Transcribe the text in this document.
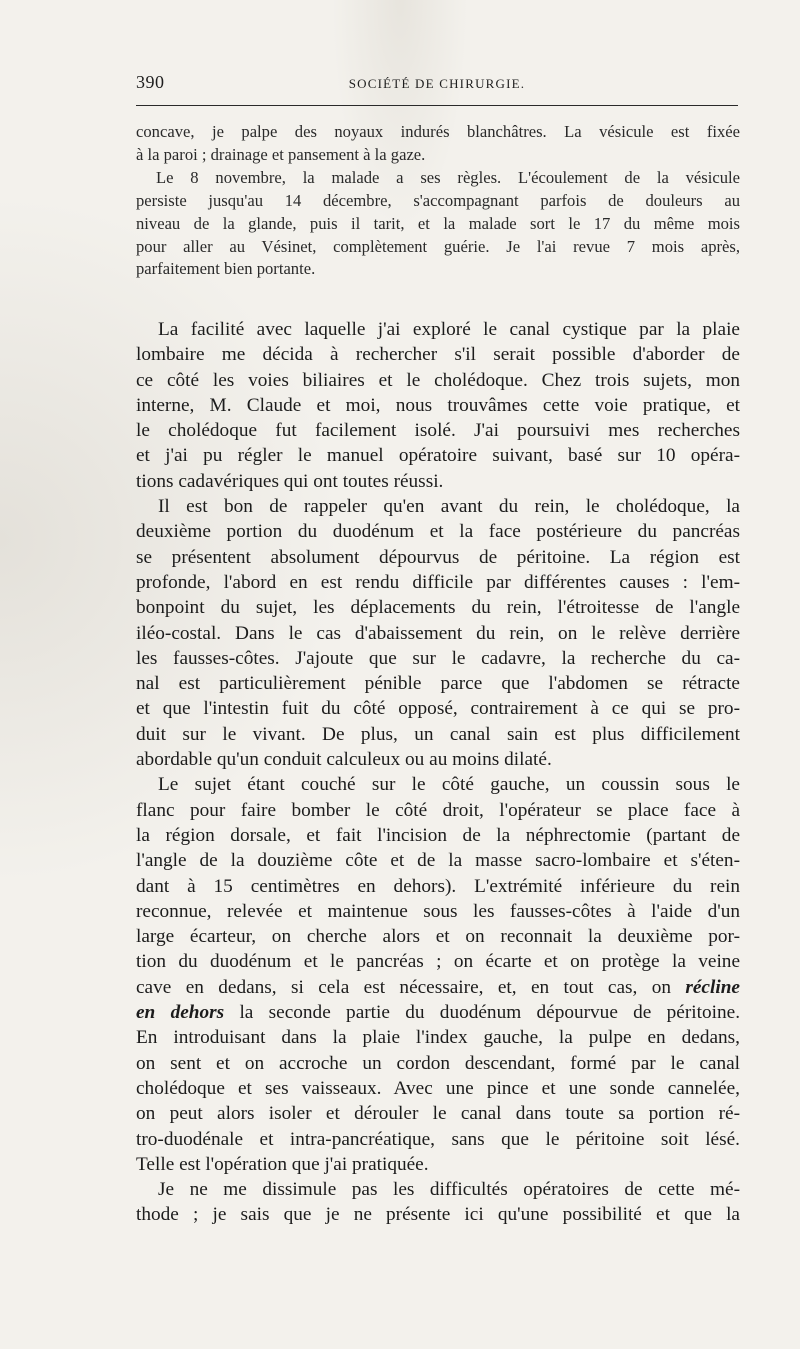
390	SOCIÉTÉ DE CHIRURGIE.

concave, je palpe des noyaux indurés blanchâtres. La vésicule est fixée
à la paroi ; drainage et pansement à la gaze.

Le 8 novembre, la malade a ses règles. L'écoulement de la vésicule
persiste jusqu'au 14 décembre, s'accompagnant parfois de douleurs au
niveau de la glande, puis il tarit, et la malade sort le 17 du même mois
pour aller au Vésinet, complètement guérie. Je l'ai revue 7 mois après,
parfaitement bien portante.

La facilité avec laquelle j'ai exploré le canal cystique par la plaie
lombaire me décida à rechercher s'il serait possible d'aborder de
ce côté les voies biliaires et le cholédoque. Chez trois sujets, mon
interne, M. Claude et moi, nous trouvâmes cette voie pratique, et
le cholédoque fut facilement isolé. J'ai poursuivi mes recherches
et j'ai pu régler le manuel opératoire suivant, basé sur 10 opéra-
tions cadavériques qui ont toutes réussi.

Il est bon de rappeler qu'en avant du rein, le cholédoque, la
deuxième portion du duodénum et la face postérieure du pancréas
se présentent absolument dépourvus de péritoine. La région est
profonde, l'abord en est rendu difficile par différentes causes : l'em-
bonpoint du sujet, les déplacements du rein, l'étroitesse de l'angle
iléo-costal. Dans le cas d'abaissement du rein, on le relève derrière
les fausses-côtes. J'ajoute que sur le cadavre, la recherche du ca-
nal est particulièrement pénible parce que l'abdomen se rétracte
et que l'intestin fuit du côté opposé, contrairement à ce qui se pro-
duit sur le vivant. De plus, un canal sain est plus difficilement
abordable qu'un conduit calculeux ou au moins dilaté.

Le sujet étant couché sur le côté gauche, un coussin sous le
flanc pour faire bomber le côté droit, l'opérateur se place face à
la région dorsale, et fait l'incision de la néphrectomie (partant de
l'angle de la douzième côte et de la masse sacro-lombaire et s'éten-
dant à 15 centimètres en dehors). L'extrémité inférieure du rein
reconnue, relevée et maintenue sous les fausses-côtes à l'aide d'un
large écarteur, on cherche alors et on reconnait la deuxième por-
tion du duodénum et le pancréas ; on écarte et on protège la veine
cave en dedans, si cela est nécessaire, et, en tout cas, on récline
en dehors la seconde partie du duodénum dépourvue de péritoine.
En introduisant dans la plaie l'index gauche, la pulpe en dedans,
on sent et on accroche un cordon descendant, formé par le canal
cholédoque et ses vaisseaux. Avec une pince et une sonde cannelée,
on peut alors isoler et dérouler le canal dans toute sa portion ré-
tro-duodénale et intra-pancréatique, sans que le péritoine soit lésé.
Telle est l'opération que j'ai pratiquée.

Je ne me dissimule pas les difficultés opératoires de cette mé-
thode ; je sais que je ne présente ici qu'une possibilité et que la
